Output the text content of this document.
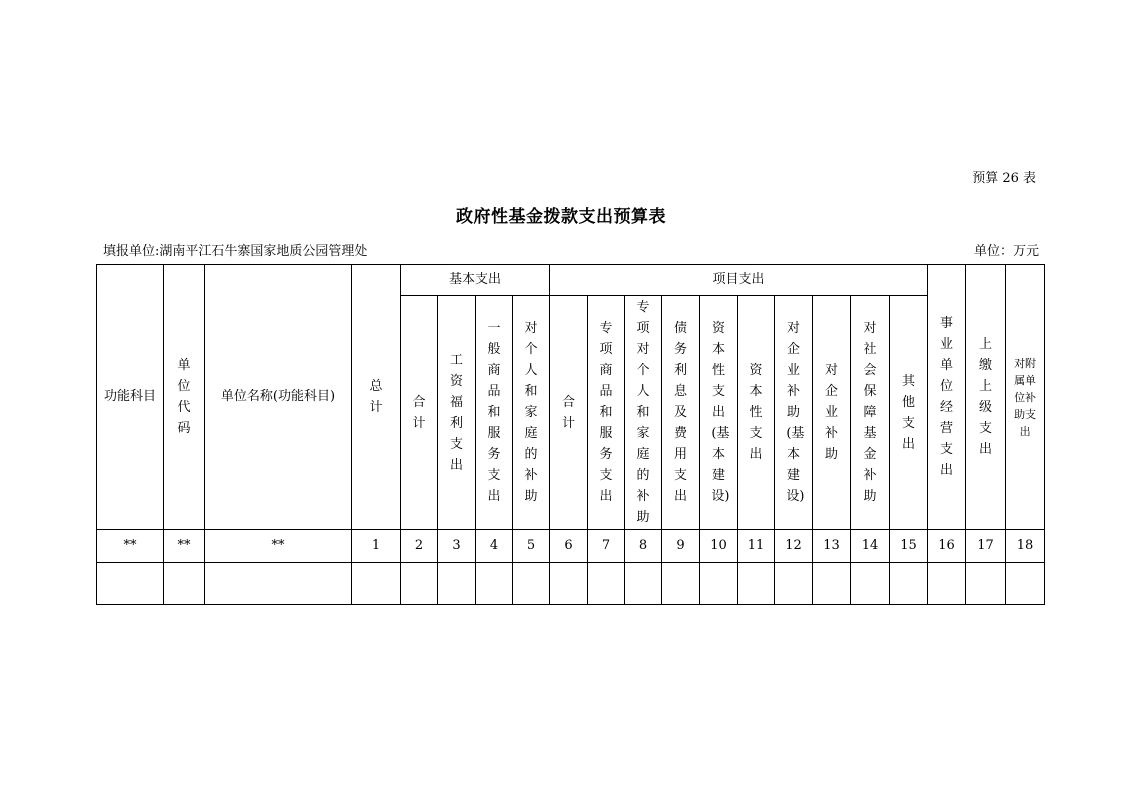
预算 26 表
政府性基金拨款支出预算表
填报单位:湖南平江石牛寨国家地质公园管理处	单位：万元
功能科目	单位代码	单位名称(功能科目)	总计	基本支出				项目支出										事业单位经营支出	上缴上级支出	对附属单位补助支出
				合计	工资福利支出	一般商品和服务支出	对个人和家庭的补助	合计	专项商品和服务支出	专项对个人和家庭的补助	债务利息及费用支出	资本性支出(基本建设)	资本性支出	对企业补助(基本建设)	对企业补助	对社会保障基金补助	其他支出			
**	**	**	1	2	3	4	5	6	7	8	9	10	11	12	13	14	15	16	17	18
